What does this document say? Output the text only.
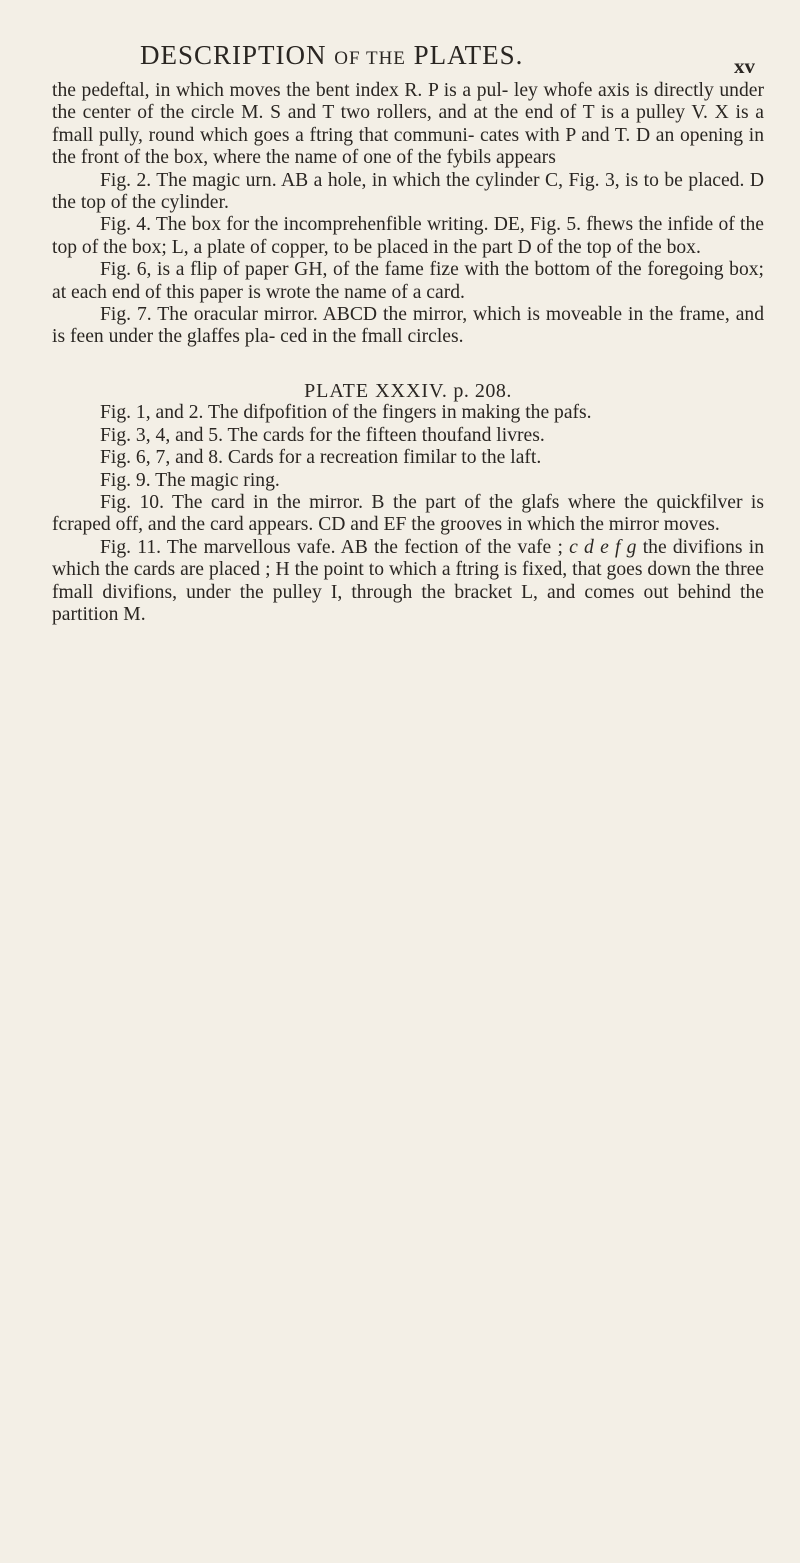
DESCRIPTION OF THE PLATES.	xv

the pedeftal, in which moves the bent index R. P is a pul- ley whofe axis is directly under the center of the circle M. S and T two rollers, and at the end of T is a pulley V. X is a fmall pully, round which goes a ftring that communi- cates with P and T. D an opening in the front of the box, where the name of one of the fybils appears

Fig. 2. The magic urn. AB a hole, in which the cylinder C, Fig. 3, is to be placed. D the top of the cylinder.

Fig. 4. The box for the incomprehenfible writing. DE, Fig. 5. fhews the infide of the top of the box; L, a plate of copper, to be placed in the part D of the top of the box.

Fig. 6, is a flip of paper GH, of the fame fize with the bottom of the foregoing box; at each end of this paper is wrote the name of a card.

Fig. 7. The oracular mirror. ABCD the mirror, which is moveable in the frame, and is feen under the glaffes pla- ced in the fmall circles.

PLATE XXXIV. p. 208.

Fig. 1, and 2. The difpofition of the fingers in making the pafs.

Fig. 3, 4, and 5. The cards for the fifteen thoufand livres.

Fig. 6, 7, and 8. Cards for a recreation fimilar to the laft.

Fig. 9. The magic ring.

Fig. 10. The card in the mirror. B the part of the glafs where the quickfilver is fcraped off, and the card appears. CD and EF the grooves in which the mirror moves.

Fig. 11. The marvellous vafe. AB the fection of the vafe ; c d e f g the divifions in which the cards are placed ; H the point to which a ftring is fixed, that goes down the three fmall divifions, under the pulley I, through the bracket L, and comes out behind the partition M.
